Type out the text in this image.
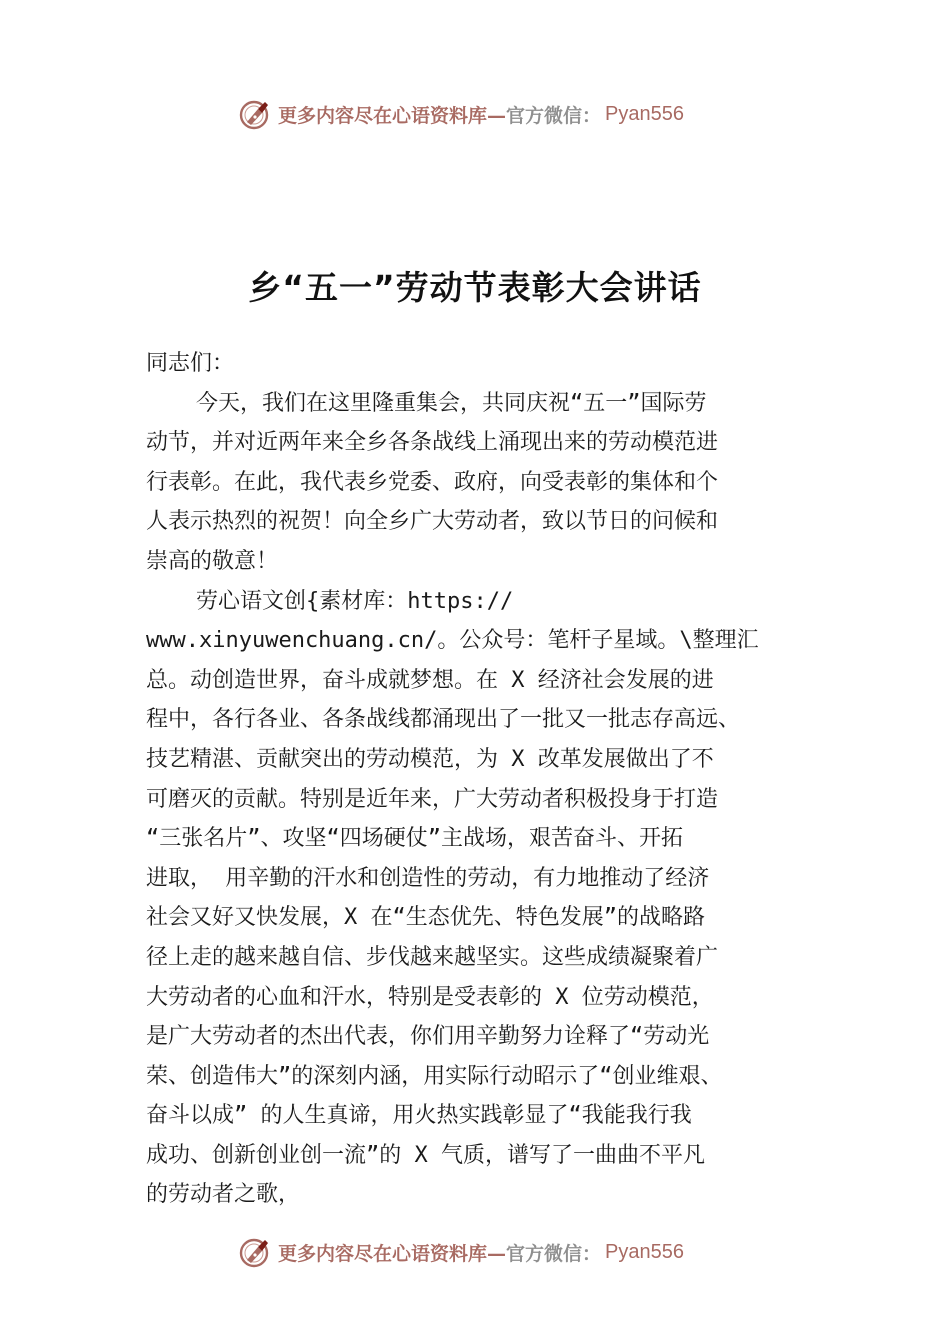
更多内容尽在心语资料库— 官方微信： Pyan556
乡“五一”劳动节表彰大会讲话
同志们：
今天，我们在这里隆重集会，共同庆祝“五一”国际劳
动节，并对近两年来全乡各条战线上涌现出来的劳动模范进
行表彰。在此，我代表乡党委、政府，向受表彰的集体和个
人表示热烈的祝贺！向全乡广大劳动者，致以节日的问候和
崇高的敬意！
劳心语文创{素材库：https://
www.xinyuwenchuang.cn/。公众号：笔杆子星域。\整理汇
总。动创造世界，奋斗成就梦想。在 X 经济社会发展的进
程中，各行各业、各条战线都涌现出了一批又一批志存高远、
技艺精湛、贡献突出的劳动模范，为 X 改革发展做出了不
可磨灭的贡献。特别是近年来，广大劳动者积极投身于打造
“三张名片”、攻坚“四场硬仗”主战场，艰苦奋斗、开拓
进取， 用辛勤的汗水和创造性的劳动，有力地推动了经济
社会又好又快发展，X 在“生态优先、特色发展”的战略路
径上走的越来越自信、步伐越来越坚实。这些成绩凝聚着广
大劳动者的心血和汗水，特别是受表彰的 X 位劳动模范，
是广大劳动者的杰出代表，你们用辛勤努力诠释了“劳动光
荣、创造伟大”的深刻内涵，用实际行动昭示了“创业维艰、
奋斗以成” 的人生真谛，用火热实践彰显了“我能我行我
成功、创新创业创一流”的 X 气质，谱写了一曲曲不平凡
的劳动者之歌，
更多内容尽在心语资料库— 官方微信： Pyan556
